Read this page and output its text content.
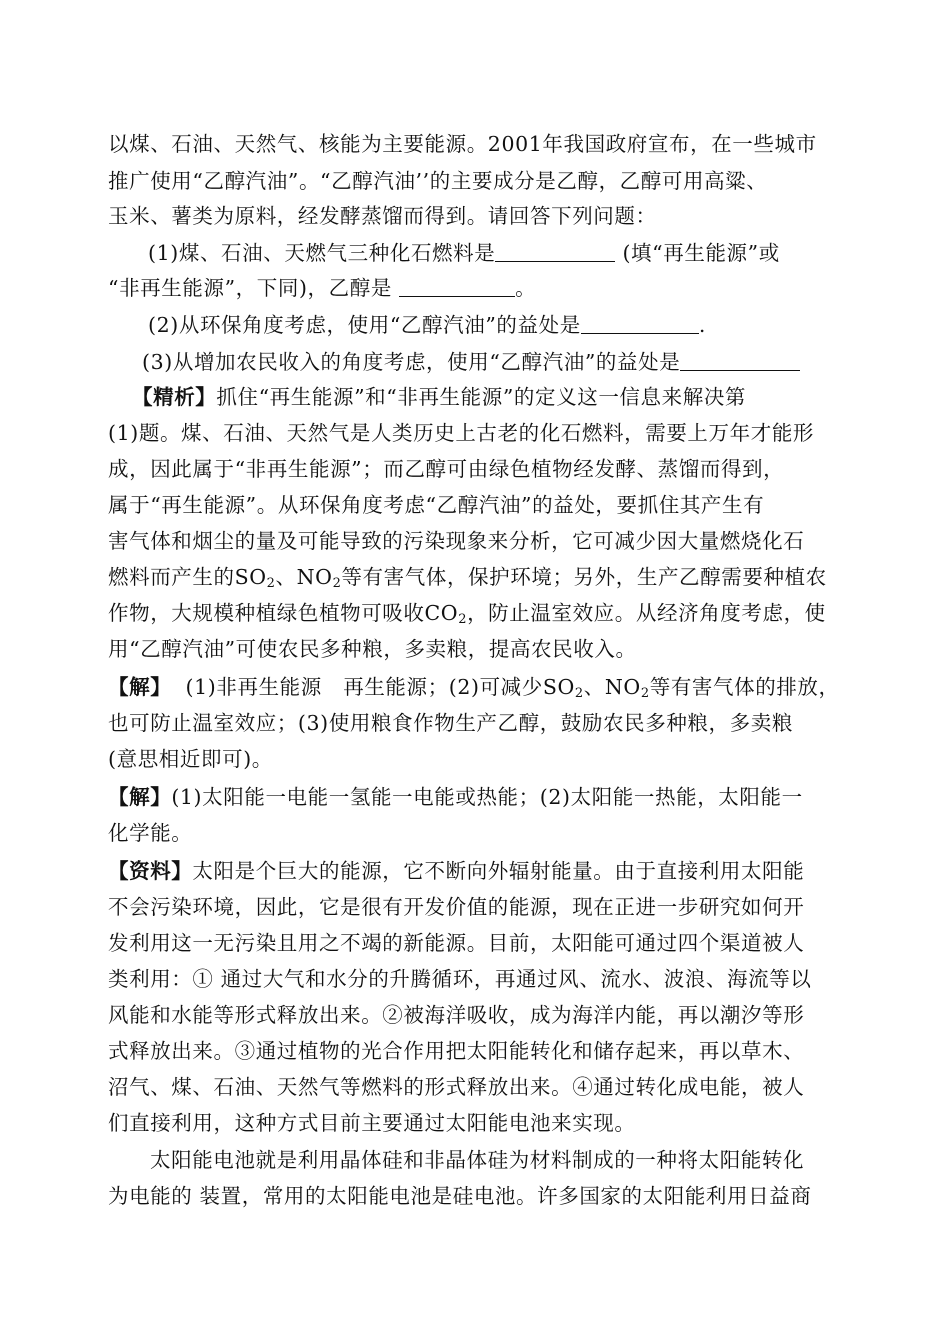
以煤、石油、天然气、核能为主要能源。2001年我国政府宣布，在一些城市
推广使用“乙醇汽油”。“乙醇汽油’’的主要成分是乙醇，乙醇可用高粱、
玉米、薯类为原料，经发酵蒸馏而得到。请回答下列问题：
(1)煤、石油、天燃气三种化石燃料是	(填“再生能源”或
“非再生能源”，下同)，乙醇是	。
(2)从环保角度考虑，使用“乙醇汽油”的益处是	.
(3)从增加农民收入的角度考虑，使用“乙醇汽油”的益处是
【精析】抓住“再生能源”和“非再生能源”的定义这一信息来解决第
(1)题。煤、石油、天然气是人类历史上古老的化石燃料，需要上万年才能形
成，因此属于“非再生能源”；而乙醇可由绿色植物经发酵、蒸馏而得到，
属于“再生能源”。从环保角度考虑“乙醇汽油”的益处，要抓住其产生有
害气体和烟尘的量及可能导致的污染现象来分析，它可减少因大量燃烧化石
燃料而产生的$SO_2$、$NO_2$等有害气体，保护环境；另外，生产乙醇需要种植农
作物，大规模种植绿色植物可吸收$CO_2$，防止温室效应。从经济角度考虑，使
用“乙醇汽油”可使农民多种粮，多卖粮，提高农民收入。
【解】  (1)非再生能源   再生能源；(2)可减少$SO_2$、$NO_2$等有害气体的排放，
也可防止温室效应；(3)使用粮食作物生产乙醇，鼓励农民多种粮，多卖粮
(意思相近即可)。
【解】(1)太阳能一电能一氢能一电能或热能；(2)太阳能一热能，太阳能一
化学能。
【资料】太阳是个巨大的能源，它不断向外辐射能量。由于直接利用太阳能
不会污染环境，因此，它是很有开发价值的能源，现在正进一步研究如何开
发利用这一无污染且用之不竭的新能源。目前，太阳能可通过四个渠道被人
类利用：① 通过大气和水分的升腾循环，再通过风、流水、波浪、海流等以
风能和水能等形式释放出来。②被海洋吸收，成为海洋内能，再以潮汐等形
式释放出来。③通过植物的光合作用把太阳能转化和储存起来，再以草木、
沼气、煤、石油、天然气等燃料的形式释放出来。④通过转化成电能，被人
们直接利用，这种方式目前主要通过太阳能电池来实现。
太阳能电池就是利用晶体硅和非晶体硅为材料制成的一种将太阳能转化
为电能的 装置，常用的太阳能电池是硅电池。许多国家的太阳能利用日益商
